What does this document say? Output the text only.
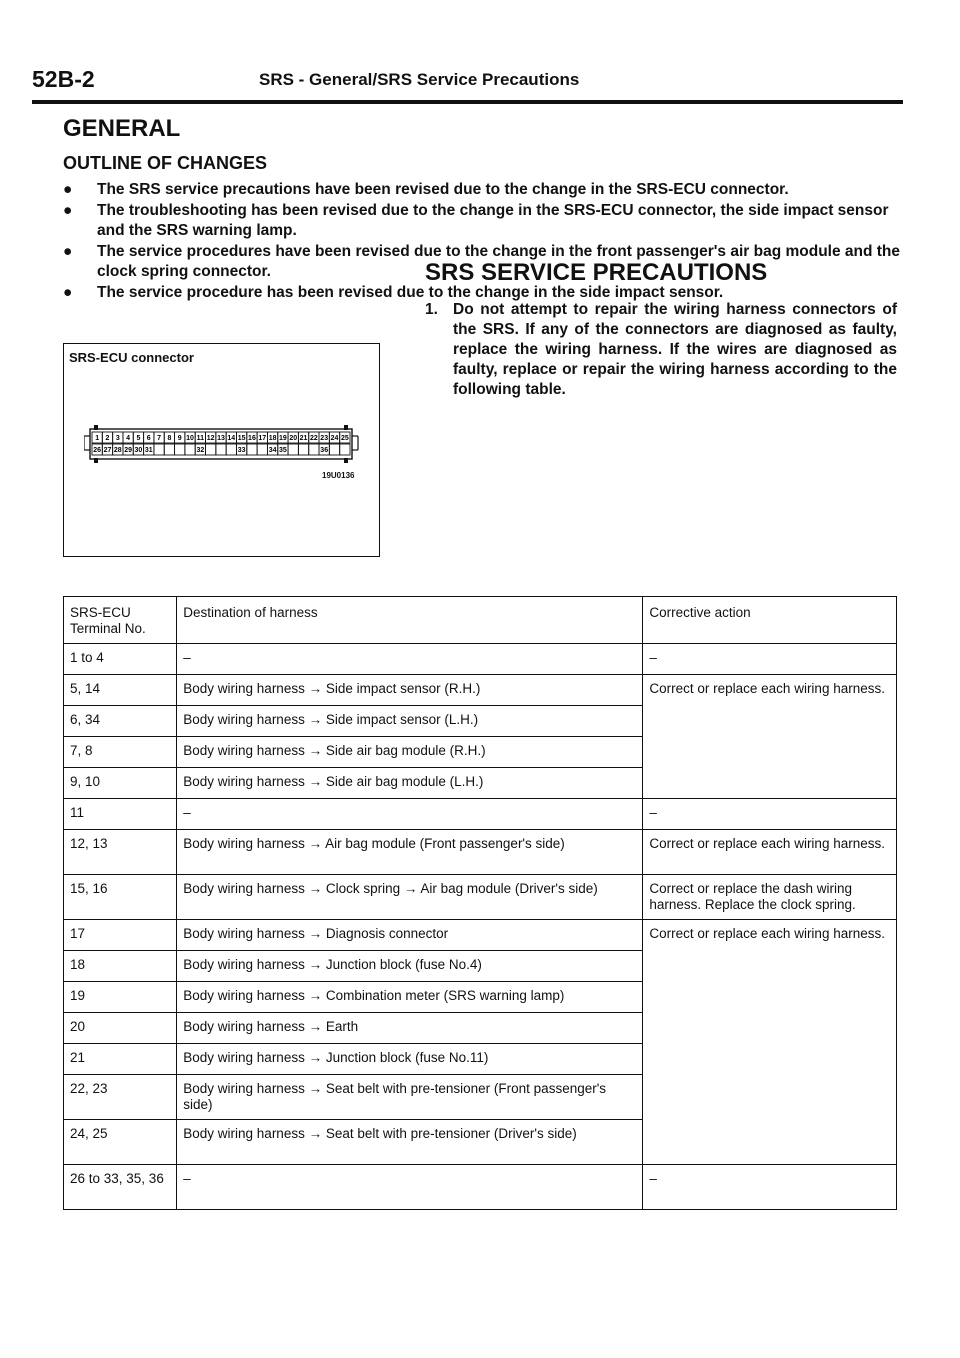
52B-2	SRS - General/SRS Service Precautions
GENERAL
OUTLINE OF CHANGES
●	The SRS service precautions have been revised due to the change in the SRS-ECU connector.
●	The troubleshooting has been revised due to the change in the SRS-ECU connector, the side impact sensor and the SRS warning lamp.
●	The service procedures have been revised due to the change in the front passenger's air bag module and the clock spring connector.
●	The service procedure has been revised due to the change in the side impact sensor.
SRS-ECU connector
1 2 3 4 5 6 7 8 9 10 11 12 13 14 15 16 17 18 19 20 21 22 23 24 25
26 27 28 29 30 31	32	33	34 35	36
19U0136
SRS SERVICE PRECAUTIONS
1. Do not attempt to repair the wiring harness connectors of the SRS. If any of the connectors are diagnosed as faulty, replace the wiring harness. If the wires are diagnosed as faulty, replace or repair the wiring harness according to the following table.
SRS-ECU Terminal No.	Destination of harness	Corrective action
1 to 4	–	–
5, 14	Body wiring harness → Side impact sensor (R.H.)	Correct or replace each wiring harness.
6, 34	Body wiring harness → Side impact sensor (L.H.)	
7, 8	Body wiring harness → Side air bag module (R.H.)	
9, 10	Body wiring harness → Side air bag module (L.H.)	
11	–	–
12, 13	Body wiring harness → Air bag module (Front passenger's side)	Correct or replace each wiring harness.
15, 16	Body wiring harness → Clock spring → Air bag module (Driver's side)	Correct or replace the dash wiring harness. Replace the clock spring.
17	Body wiring harness → Diagnosis connector	Correct or replace each wiring harness.
18	Body wiring harness → Junction block (fuse No.4)	
19	Body wiring harness → Combination meter (SRS warning lamp)	
20	Body wiring harness → Earth	
21	Body wiring harness → Junction block (fuse No.11)	
22, 23	Body wiring harness → Seat belt with pre-tensioner (Front passenger's side)	
24, 25	Body wiring harness → Seat belt with pre-tensioner (Driver's side)	
26 to 33, 35, 36	–	–
